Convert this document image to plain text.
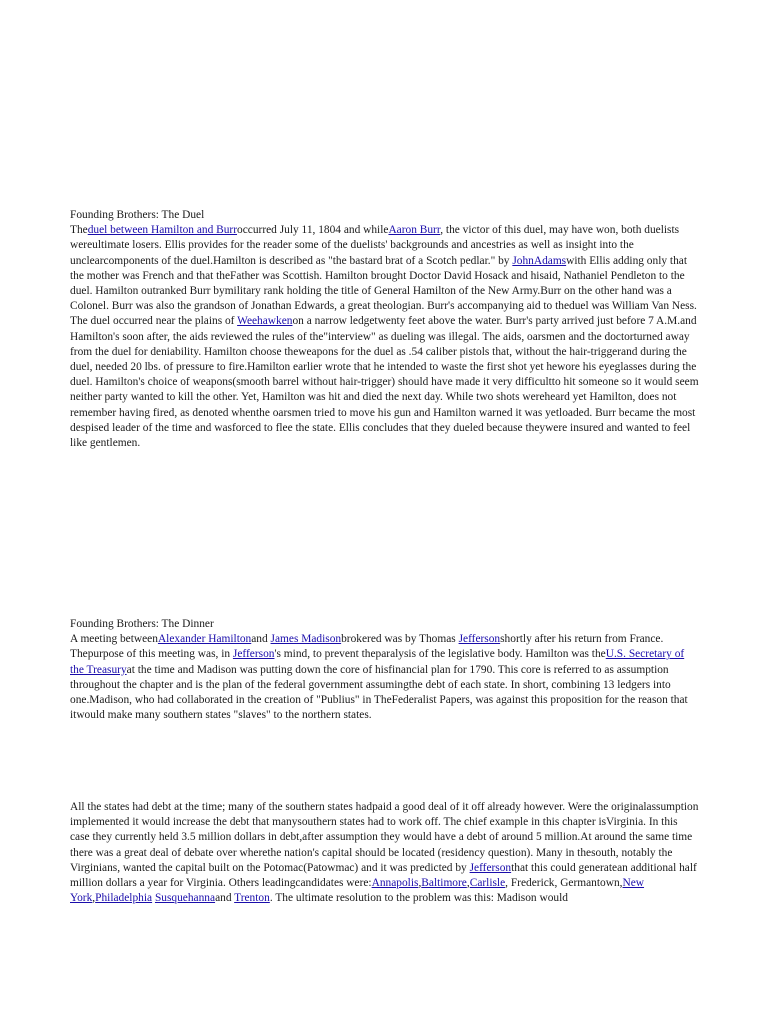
Founding Brothers: The Duel

Theduel between Hamilton and Burroccurred July 11, 1804 and whileAaron Burr, the victor of this duel, may have won, both duelists wereultimate losers. Ellis provides for the reader some of the duelists' backgrounds and ancestries as well as insight into the unclearcomponents of the duel.Hamilton is described as "the bastard brat of a Scotch pedlar." by JohnAdamswith Ellis adding only that the mother was French and that theFather was Scottish. Hamilton brought Doctor David Hosack and hisaid, Nathaniel Pendleton to the duel. Hamilton outranked Burr bymilitary rank holding the title of General Hamilton of the New Army.Burr on the other hand was a Colonel. Burr was also the grandson of Jonathan Edwards, a great theologian. Burr's accompanying aid to theduel was William Van Ness. The duel occurred near the plains of Weehawkenon a narrow ledgetwenty feet above the water. Burr's party arrived just before 7 A.M.and Hamilton's soon after, the aids reviewed the rules of the"interview" as dueling was illegal. The aids, oarsmen and the doctorturned away from the duel for deniability. Hamilton choose theweapons for the duel as .54 caliber pistols that, without the hair-triggerand during the duel, needed 20 lbs. of pressure to fire.Hamilton earlier wrote that he intended to waste the first shot yet hewore his eyeglasses during the duel. Hamilton's choice of weapons(smooth barrel without hair-trigger) should have made it very difficultto hit someone so it would seem neither party wanted to kill the other. Yet, Hamilton was hit and died the next day. While two shots wereheard yet Hamilton, does not remember having fired, as denoted whenthe oarsmen tried to move his gun and Hamilton warned it was yetloaded. Burr became the most despised leader of the time and wasforced to flee the state. Ellis concludes that they dueled because theywere insured and wanted to feel like gentlemen.

Founding Brothers: The Dinner

A meeting betweenAlexander Hamiltonand James Madisonbrokered was by Thomas Jeffersonshortly after his return from France. Thepurpose of this meeting was, in Jefferson's mind, to prevent theparalysis of the legislative body. Hamilton was theU.S. Secretary of the Treasuryat the time and Madison was putting down the core of hisfinancial plan for 1790. This core is referred to as assumption throughout the chapter and is the plan of the federal government assumingthe debt of each state. In short, combining 13 ledgers into one.Madison, who had collaborated in the creation of "Publius" in TheFederalist Papers, was against this proposition for the reason that itwould make many southern states "slaves" to the northern states.

All the states had debt at the time; many of the southern states hadpaid a good deal of it off already however. Were the originalassumption implemented it would increase the debt that manysouthern states had to work off. The chief example in this chapter isVirginia. In this case they currently held 3.5 million dollars in debt,after assumption they would have a debt of around 5 million.At around the same time there was a great deal of debate over wherethe nation's capital should be located (residency question). Many in thesouth, notably the Virginians, wanted the capital built on the Potomac(Patowmac) and it was predicted by Jeffersonthat this could generatean additional half million dollars a year for Virginia. Others leadingcandidates were:Annapolis,Baltimore,Carlisle, Frederick, Germantown,New York,Philadelphia Susquehannaand Trenton. The ultimate resolution to the problem was this: Madison would
